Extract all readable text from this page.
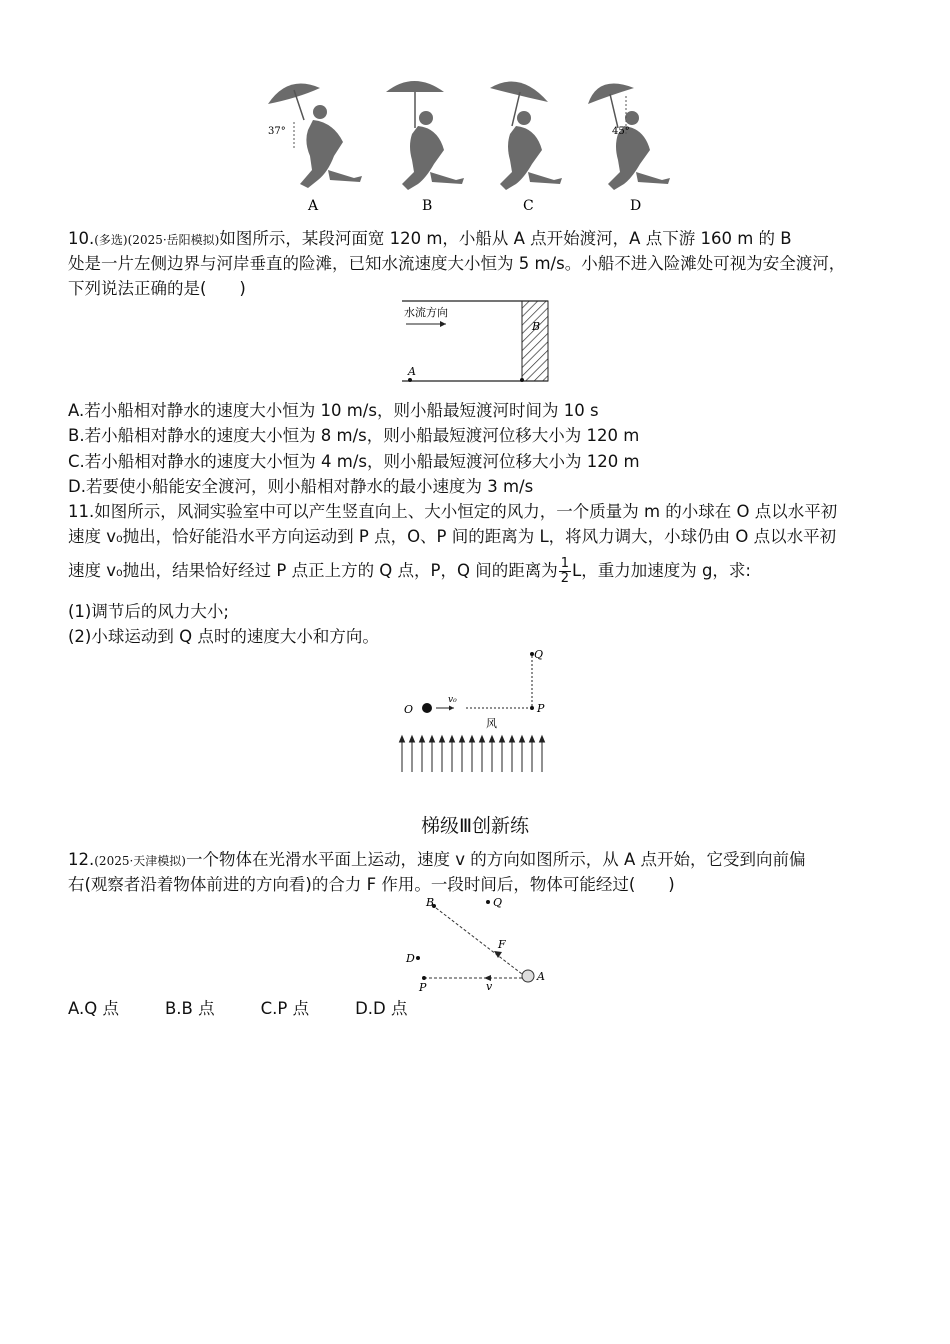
37°
A	B	C
45°
D
10.(多选)(2025·岳阳模拟)如图所示，某段河面宽 120 m，小船从 A 点开始渡河，A 点下游 160 m 的 B
处是一片左侧边界与河岸垂直的险滩，已知水流速度大小恒为 5 m/s。小船不进入险滩处可视为安全渡河，
下列说法正确的是(　　)
水流方向
B
A
A.若小船相对静水的速度大小恒为 10 m/s，则小船最短渡河时间为 10 s
B.若小船相对静水的速度大小恒为 8 m/s，则小船最短渡河位移大小为 120 m
C.若小船相对静水的速度大小恒为 4 m/s，则小船最短渡河位移大小为 120 m
D.若要使小船能安全渡河，则小船相对静水的最小速度为 3 m/s
11.如图所示，风洞实验室中可以产生竖直向上、大小恒定的风力，一个质量为 m 的小球在 O 点以水平初
速度 v₀抛出，恰好能沿水平方向运动到 P 点，O、P 间的距离为 L，将风力调大，小球仍由 O 点以水平初
速度 v₀抛出，结果恰好经过 P 点正上方的 Q 点，P，Q 间的距离为 $\frac{1}{2}$ L，重力加速度为 g，求:
(1)调节后的风力大小;
(2)小球运动到 Q 点时的速度大小和方向。
Q
O
v₀
P
风
梯级Ⅲ创新练
12.(2025·天津模拟)一个物体在光滑水平面上运动，速度 v 的方向如图所示，从 A 点开始，它受到向前偏
右(观察者沿着物体前进的方向看)的合力 F 作用。一段时间后，物体可能经过(　　)
B	Q
F
D
v
P
A
A.Q 点	B.B 点	C.P 点	D.D 点
